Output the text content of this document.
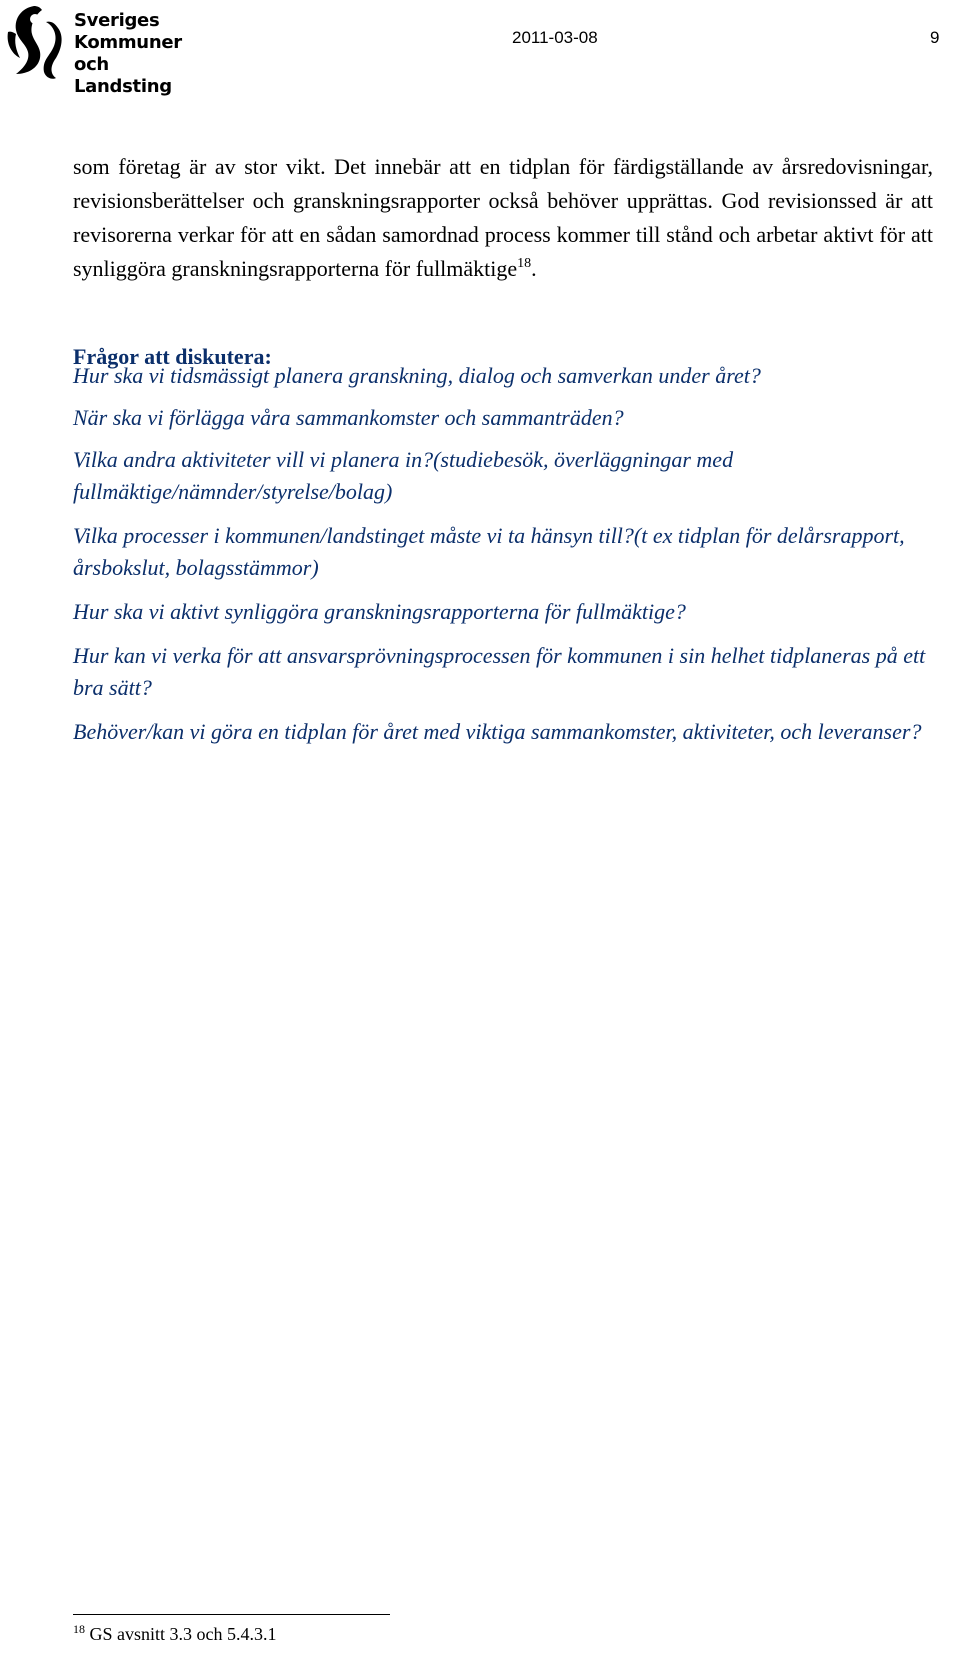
Sveriges
Kommuner
och Landsting
2011-03-08	9

som företag är av stor vikt. Det innebär att en tidplan för färdigställande av årsredovisningar, revisionsberättelser och granskningsrapporter också behöver upprättas. God revisionssed är att revisorerna verkar för att en sådan samordnad process kommer till stånd och arbetar aktivt för att synliggöra granskningsrapporterna för fullmäktige$^{18}$.

Frågor att diskutera:

Hur ska vi tidsmässigt planera granskning, dialog och samverkan under året?

När ska vi förlägga våra sammankomster och sammanträden?

Vilka andra aktiviteter vill vi planera in?(studiebesök, överläggningar med fullmäktige/nämnder/styrelse/bolag)

Vilka processer i kommunen/landstinget måste vi ta hänsyn till?(t ex tidplan för delårsrapport, årsbokslut, bolagsstämmor)

Hur ska vi aktivt synliggöra granskningsrapporterna för fullmäktige?

Hur kan vi verka för att ansvarsprövningsprocessen för kommunen i sin helhet tidplaneras på ett bra sätt?

Behöver/kan vi göra en tidplan för året med viktiga sammankomster, aktiviteter, och leveranser?

$^{18}$ GS avsnitt 3.3 och 5.4.3.1
